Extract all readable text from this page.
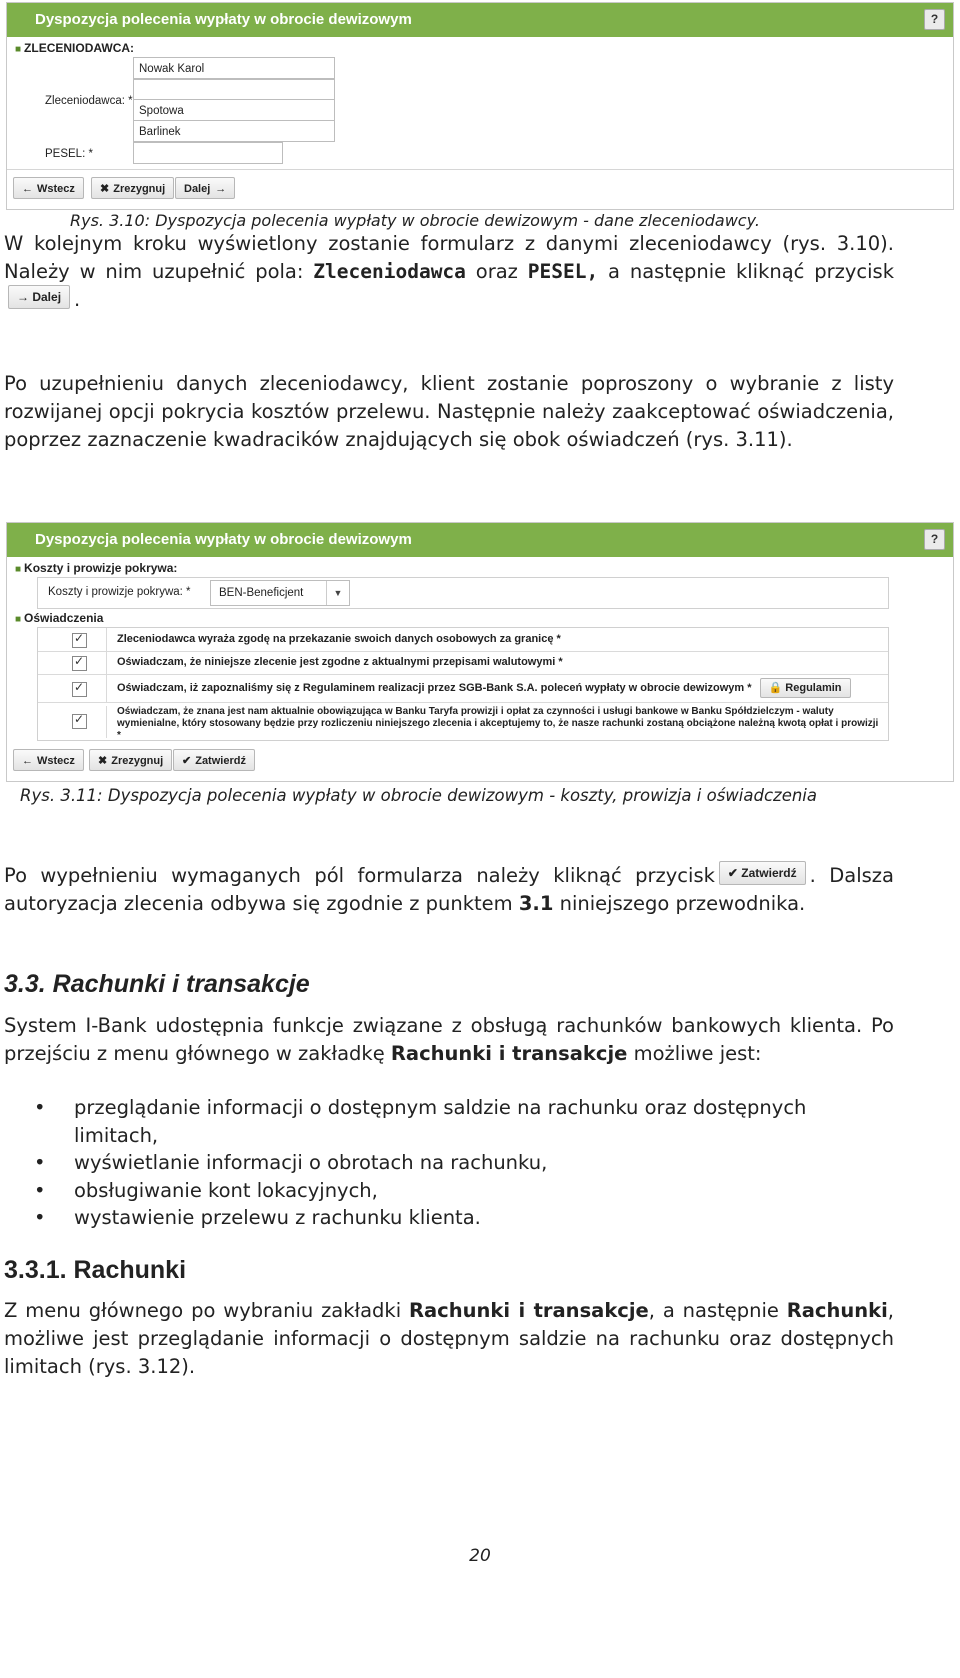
Dyspozycja polecenia wypłaty w obrocie dewizowym	?
■ ZLECENIODAWCA:
Zleceniodawca: *
Nowak Karol
Spotowa
Barlinek
PESEL: *
← Wstecz	✖ Zrezygnuj	Dalej →
Rys. 3.10: Dyspozycja polecenia wypłaty w obrocie dewizowym - dane zleceniodawcy.
W kolejnym kroku wyświetlony zostanie formularz z danymi zleceniodawcy (rys. 3.10). Należy w nim uzupełnić pola: Zleceniodawca oraz PESEL, a następnie kliknąć przycisk → Dalej .
Po uzupełnieniu danych zleceniodawcy, klient zostanie poproszony o wybranie z listy rozwijanej opcji pokrycia kosztów przelewu. Następnie należy zaakceptować oświadczenia, poprzez zaznaczenie kwadracików znajdujących się obok oświadczeń (rys. 3.11).
Dyspozycja polecenia wypłaty w obrocie dewizowym	?
■ Koszty i prowizje pokrywa:
Koszty i prowizje pokrywa: *	BEN-Beneficjent	▼
■ Oświadczenia
✓
Zleceniodawca wyraża zgodę na przekazanie swoich danych osobowych za granicę *
✓
Oświadczam, że niniejsze zlecenie jest zgodne z aktualnymi przepisami walutowymi *
✓
Oświadczam, iż zapoznaliśmy się z Regulaminem realizacji przez SGB-Bank S.A. poleceń wypłaty w obrocie dewizowym * 🔒 Regulamin
✓
Oświadczam, że znana jest nam aktualnie obowiązująca w Banku Taryfa prowizji i opłat za czynności i usługi bankowe w Banku Spółdzielczym - waluty wymienialne, który stosowany będzie przy rozliczeniu niniejszego zlecenia i akceptujemy to, że nasze rachunki zostaną obciążone należną kwotą opłat i prowizji *
← Wstecz	✖ Zrezygnuj	✔ Zatwierdź
Rys. 3.11: Dyspozycja polecenia wypłaty w obrocie dewizowym - koszty, prowizja i oświadczenia
Po wypełnieniu wymaganych pól formularza należy kliknąć przycisk ✔ Zatwierdź . Dalsza autoryzacja zlecenia odbywa się zgodnie z punktem 3.1 niniejszego przewodnika.
3.3. Rachunki i transakcje
System I-Bank udostępnia funkcje związane z obsługą rachunków bankowych klienta. Po przejściu z menu głównego w zakładkę Rachunki i transakcje możliwe jest:
• przeglądanie informacji o dostępnym saldzie na rachunku oraz dostępnych limitach,
• wyświetlanie informacji o obrotach na rachunku,
• obsługiwanie kont lokacyjnych,
• wystawienie przelewu z rachunku klienta.
3.3.1. Rachunki
Z menu głównego po wybraniu zakładki Rachunki i transakcje, a następnie Rachunki, możliwe jest przeglądanie informacji o dostępnym saldzie na rachunku oraz dostępnych limitach (rys. 3.12).
20
